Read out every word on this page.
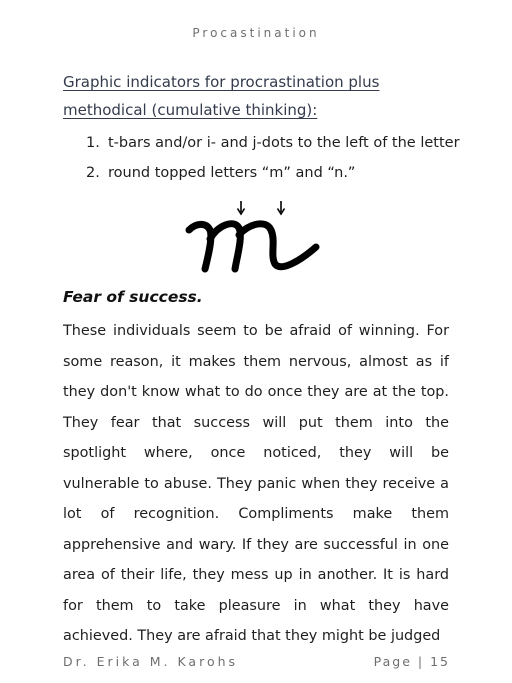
Procastination
Graphic indicators for procrastination plus methodical (cumulative thinking):
1. t-bars and/or i- and j-dots to the left of the letter
2. round topped letters “m” and “n.”
Fear of success.

These individuals seem to be afraid of winning. For some reason, it makes them nervous, almost as if they don't know what to do once they are at the top. They fear that success will put them into the spotlight where, once noticed, they will be vulnerable to abuse. They panic when they receive a lot of recognition. Compliments make them apprehensive and wary. If they are successful in one area of their life, they mess up in another. It is hard for them to take pleasure in what they have achieved. They are afraid that they might be judged

Dr. Erika M. Karohs	Page | 15
